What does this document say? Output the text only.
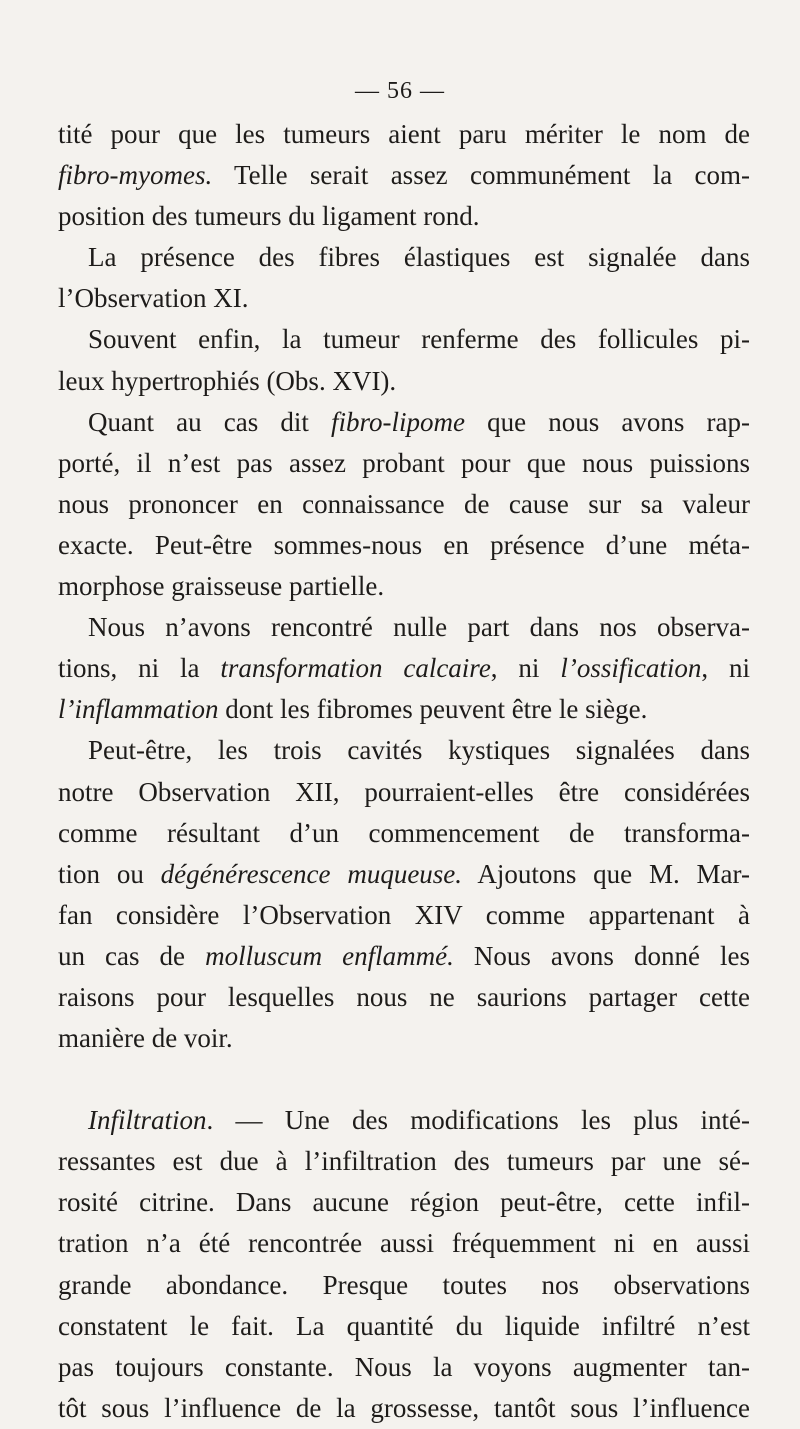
— 56 —
tité pour que les tumeurs aient paru mériter le nom de
fibro-myomes. Telle serait assez communément la com-
position des tumeurs du ligament rond.
La présence des fibres élastiques est signalée dans
l’Observation XI.
Souvent enfin, la tumeur renferme des follicules pi-
leux hypertrophiés (Obs. XVI).
Quant au cas dit fibro-lipome que nous avons rap-
porté, il n’est pas assez probant pour que nous puissions
nous prononcer en connaissance de cause sur sa valeur
exacte. Peut-être sommes-nous en présence d’une méta-
morphose graisseuse partielle.
Nous n’avons rencontré nulle part dans nos observa-
tions, ni la transformation calcaire, ni l’ossification, ni
l’inflammation dont les fibromes peuvent être le siège.
Peut-être, les trois cavités kystiques signalées dans
notre Observation XII, pourraient-elles être considérées
comme résultant d’un commencement de transforma-
tion ou dégénérescence muqueuse. Ajoutons que M. Mar-
fan considère l’Observation XIV comme appartenant à
un cas de molluscum enflammé. Nous avons donné les
raisons pour lesquelles nous ne saurions partager cette
manière de voir.
Infiltration. — Une des modifications les plus inté-
ressantes est due à l’infiltration des tumeurs par une sé-
rosité citrine. Dans aucune région peut-être, cette infil-
tration n’a été rencontrée aussi fréquemment ni en aussi
grande abondance. Presque toutes nos observations
constatent le fait. La quantité du liquide infiltré n’est
pas toujours constante. Nous la voyons augmenter tan-
tôt sous l’influence de la grossesse, tantôt sous l’influence
